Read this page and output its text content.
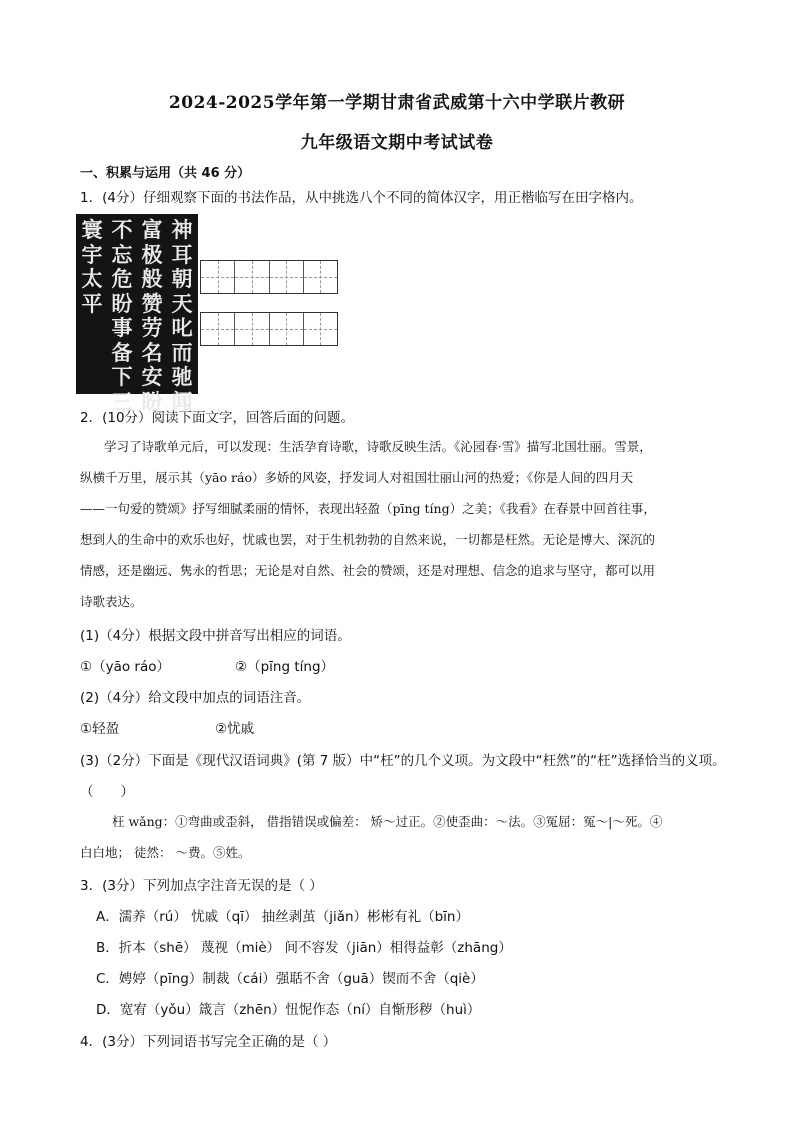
2024-2025学年第一学期甘肃省武威第十六中学联片教研
九年级语文期中考试试卷
一、积累与运用（共 46 分）
1．(4分）仔细观察下面的书法作品，从中挑选八个不同的简体汉字，用正楷临写在田字格内。
神耳朝天叱而驰闻
富极般赞劳名安盼
不忘危盼事备下三
寰宇太平
2．(10分）阅读下面文字，回答后面的问题。
学习了诗歌单元后，可以发现：生活孕育诗歌，诗歌反映生活。《沁园春·雪》描写北国壮丽。雪景，
纵横千万里，展示其（yāo ráo）多娇的风姿，抒发词人对祖国壮丽山河的热爱；《你是人间的四月天
——一句爱的赞颂》抒写细腻柔丽的情怀，表现出轻盈（pīng tíng）之美；《我看》在春景中回首往事，
想到人的生命中的欢乐也好，忧戚也罢，对于生机勃勃的自然来说，一切都是枉然。无论是博大、深沉的
情感，还是幽远、隽永的哲思；无论是对自然、社会的赞颂，还是对理想、信念的追求与坚守，都可以用
诗歌表达。
(1)（4分）根据文段中拼音写出相应的词语。
①（yāo ráo）	②（pīng tíng）
(2)（4分）给文段中加点的词语注音。
①轻盈	②忧戚
(3)（2分）下面是《现代汉语词典》(第 7 版）中“枉”的几个义项。为文段中“枉然”的“枉”选择恰当的义项。
（　　）
枉 wǎng：①弯曲或歪斜， 借指错误或偏差： 矫～过正。②使歪曲：～法。③冤屈：冤～|～死。④
白白地； 徒然： ～费。⑤姓。
3．(3分）下列加点字注音无误的是（ ）
A．濡养（rú） 忧戚（qī） 抽丝剥茧（jiǎn）彬彬有礼（bīn）
B．折本（shē） 蔑视（miè） 间不容发（jiān）相得益彰（zhāng）
C．娉婷（pīng）制裁（cái）强聒不舍（guā）锲而不舍（qiè）
D．宽宥（yǒu）箴言（zhēn）忸怩作态（ní）自惭形秽（huì）
4．(3分）下列词语书写完全正确的是（ ）
